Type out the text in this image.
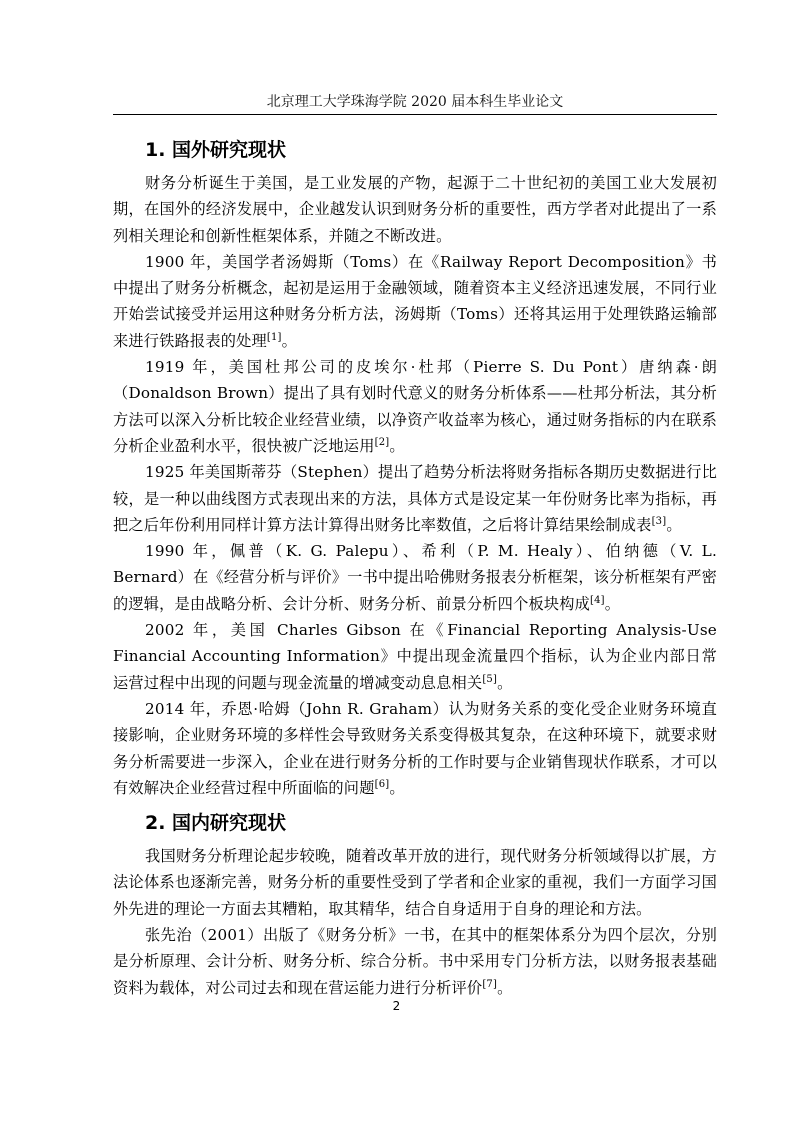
北京理工大学珠海学院 2020 届本科生毕业论文
1. 国外研究现状

财务分析诞生于美国，是工业发展的产物，起源于二十世纪初的美国工业大发展初期，在国外的经济发展中，企业越发认识到财务分析的重要性，西方学者对此提出了一系列相关理论和创新性框架体系，并随之不断改进。

1900 年，美国学者汤姆斯（Toms）在《Railway Report Decomposition》书中提出了财务分析概念，起初是运用于金融领域，随着资本主义经济迅速发展，不同行业开始尝试接受并运用这种财务分析方法，汤姆斯（Toms）还将其运用于处理铁路运输部来进行铁路报表的处理[1]。

1919 年，美国杜邦公司的皮埃尔·杜邦（Pierre S. Du Pont）唐纳森·朗（Donaldson Brown）提出了具有划时代意义的财务分析体系——杜邦分析法，其分析方法可以深入分析比较企业经营业绩，以净资产收益率为核心，通过财务指标的内在联系分析企业盈利水平，很快被广泛地运用[2]。

1925 年美国斯蒂芬（Stephen）提出了趋势分析法将财务指标各期历史数据进行比较，是一种以曲线图方式表现出来的方法，具体方式是设定某一年份财务比率为指标，再把之后年份利用同样计算方法计算得出财务比率数值，之后将计算结果绘制成表[3]。

1990 年，佩普（K. G. Palepu）、希利（P. M. Healy）、伯纳德（V. L. Bernard）在《经营分析与评价》一书中提出哈佛财务报表分析框架，该分析框架有严密的逻辑，是由战略分析、会计分析、财务分析、前景分析四个板块构成[4]。

2002 年，美国 Charles Gibson 在《Financial Reporting Analysis-Use Financial Accounting Information》中提出现金流量四个指标，认为企业内部日常运营过程中出现的问题与现金流量的增减变动息息相关[5]。

2014 年，乔恩·哈姆（John R. Graham）认为财务关系的变化受企业财务环境直接影响，企业财务环境的多样性会导致财务关系变得极其复杂，在这种环境下，就要求财务分析需要进一步深入，企业在进行财务分析的工作时要与企业销售现状作联系，才可以有效解决企业经营过程中所面临的问题[6]。

2. 国内研究现状

我国财务分析理论起步较晚，随着改革开放的进行，现代财务分析领域得以扩展，方法论体系也逐渐完善，财务分析的重要性受到了学者和企业家的重视，我们一方面学习国外先进的理论一方面去其糟粕，取其精华，结合自身适用于自身的理论和方法。

张先治（2001）出版了《财务分析》一书，在其中的框架体系分为四个层次，分别是分析原理、会计分析、财务分析、综合分析。书中采用专门分析方法，以财务报表基础资料为载体，对公司过去和现在营运能力进行分析评价[7]。

2
